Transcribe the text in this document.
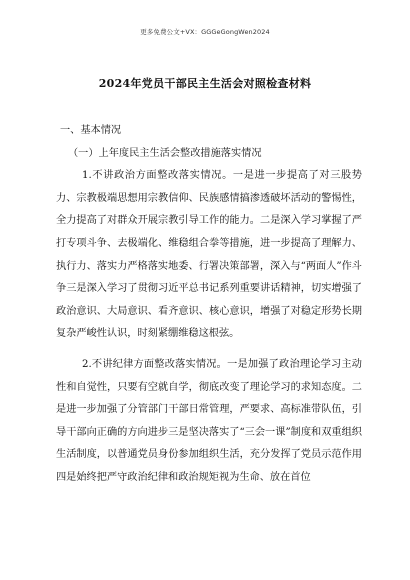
更多免费公文+VX：GGGeGongWen2024
2024年党员干部民主生活会对照检查材料

一、基本情况

（一）上年度民主生活会整改措施落实情况

1.不讲政治方面整改落实情况。一是进一步提高了对三股势力、宗教极端思想用宗教信仰、民族感情搞渗透破坏活动的警惕性，全力提高了对群众开展宗教引导工作的能力。二是深入学习掌握了严打专项斗争、去极端化、维稳组合拳等措施，进一步提高了理解力、执行力、落实力严格落实地委、行署决策部署，深入与“两面人”作斗争三是深入学习了贯彻习近平总书记系列重要讲话精神，切实增强了政治意识、大局意识、看齐意识、核心意识，增强了对稳定形势长期复杂严峻性认识，时刻紧绷维稳这根弦。

2.不讲纪律方面整改落实情况。一是加强了政治理论学习主动性和自觉性，只要有空就自学，彻底改变了理论学习的求知态度。二是进一步加强了分管部门干部日常管理，严要求、高标准带队伍，引导干部向正确的方向进步三是坚决落实了“三会一课”制度和双重组织生活制度，以普通党员身份参加组织生活，充分发挥了党员示范作用四是始终把严守政治纪律和政治规矩视为生命、放在首位
